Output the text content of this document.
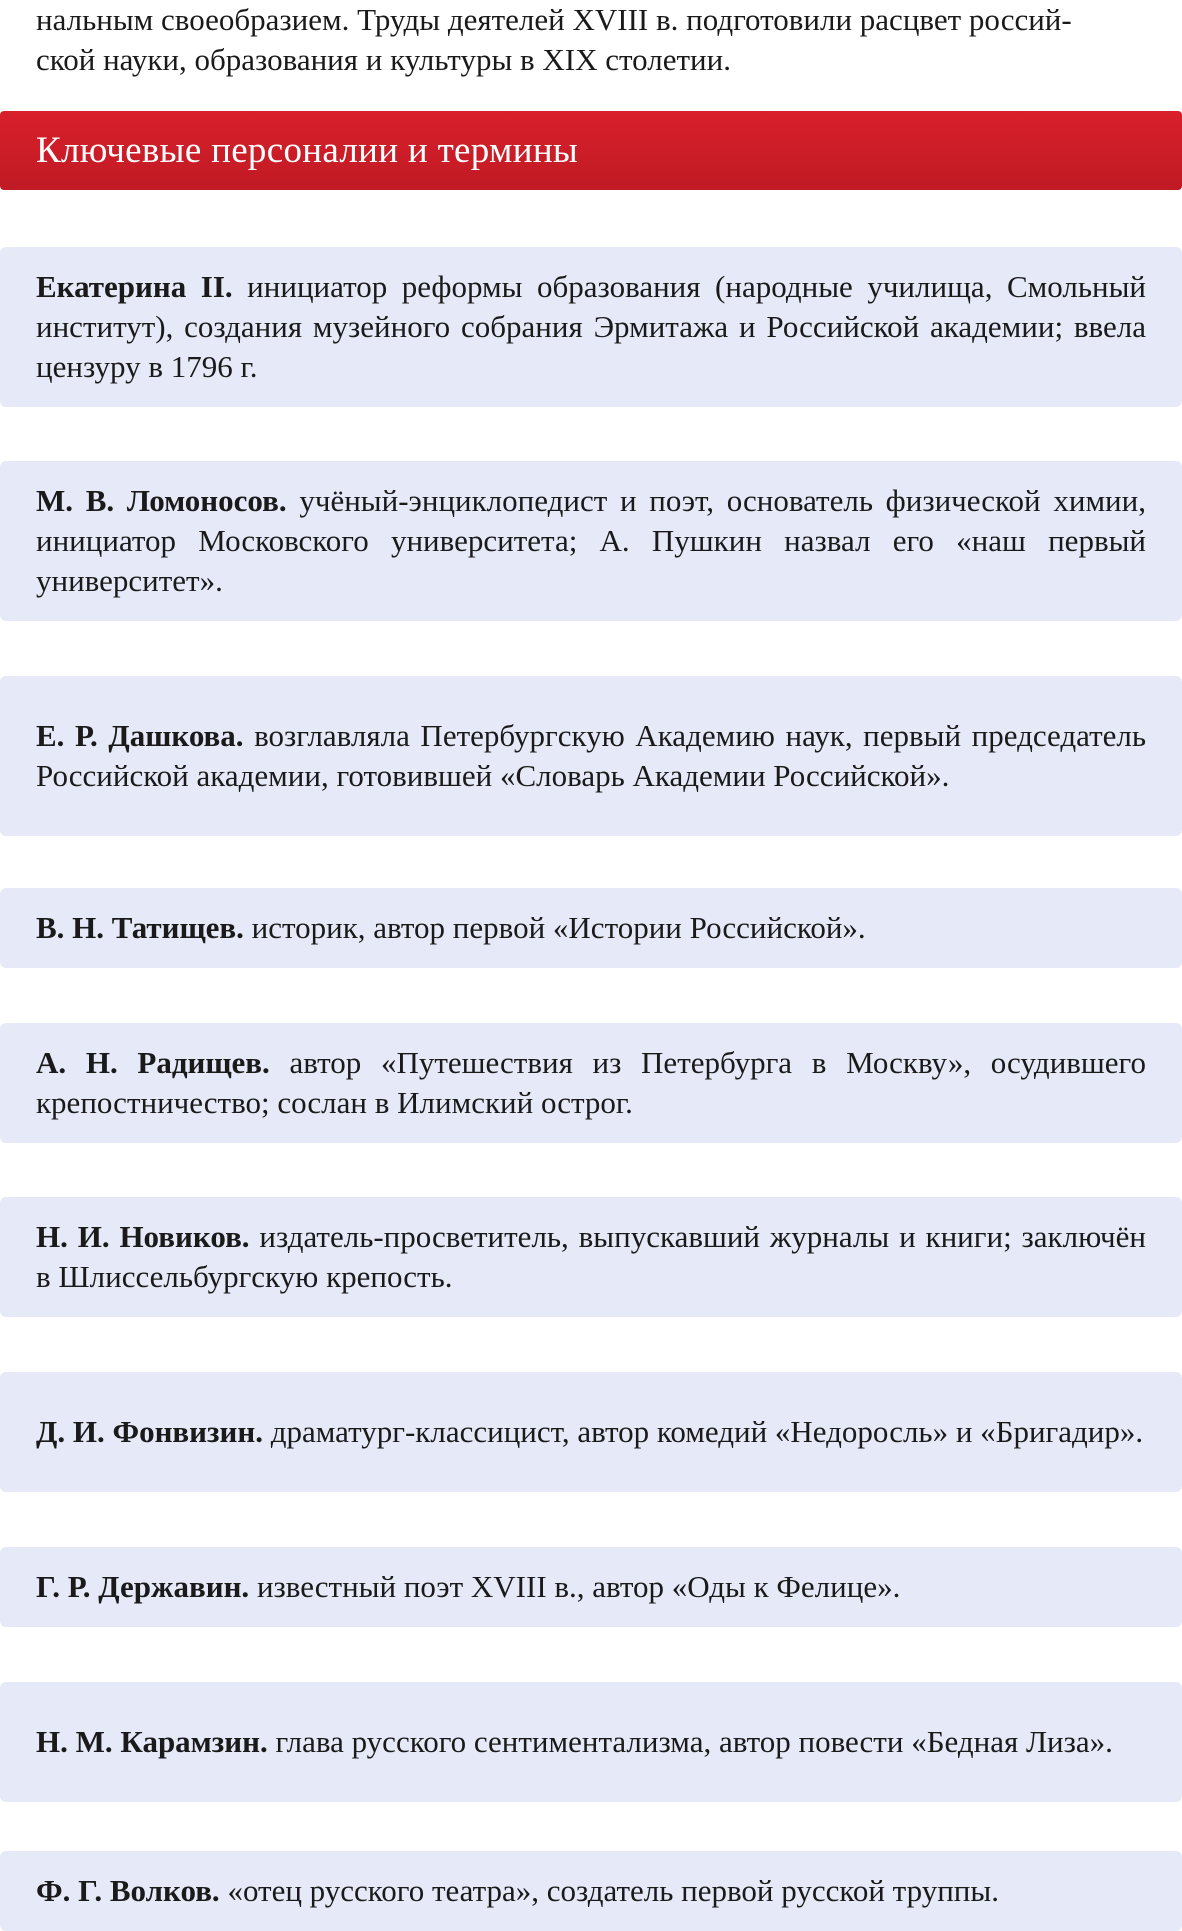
нальным своеобразием. Труды деятелей XVIII в. подготовили расцвет россий-
ской науки, образования и культуры в XIX столетии.
Ключевые персоналии и термины

Екатерина II. инициатор реформы образования (народные училища, Смольный институт), создания музейного собрания Эрмитажа и Российской академии; ввела цензуру в 1796 г.

М. В. Ломоносов. учёный-энциклопедист и поэт, основатель физической химии, инициатор Московского университета; А. Пушкин назвал его «наш первый университет».

Е. Р. Дашкова. возглавляла Петербургскую Академию наук, первый председатель Российской академии, готовившей «Словарь Академии Российской».

В. Н. Татищев. историк, автор первой «Истории Российской».

А. Н. Радищев. автор «Путешествия из Петербурга в Москву», осудившего крепостничество; сослан в Илимский острог.

Н. И. Новиков. издатель-просветитель, выпускавший журналы и книги; заключён в Шлиссельбургскую крепость.

Д. И. Фонвизин. драматург-классицист, автор комедий «Недоросль» и «Бригадир».

Г. Р. Державин. известный поэт XVIII в., автор «Оды к Фелице».

Н. М. Карамзин. глава русского сентиментализма, автор повести «Бедная Лиза».

Ф. Г. Волков. «отец русского театра», создатель первой русской труппы.
